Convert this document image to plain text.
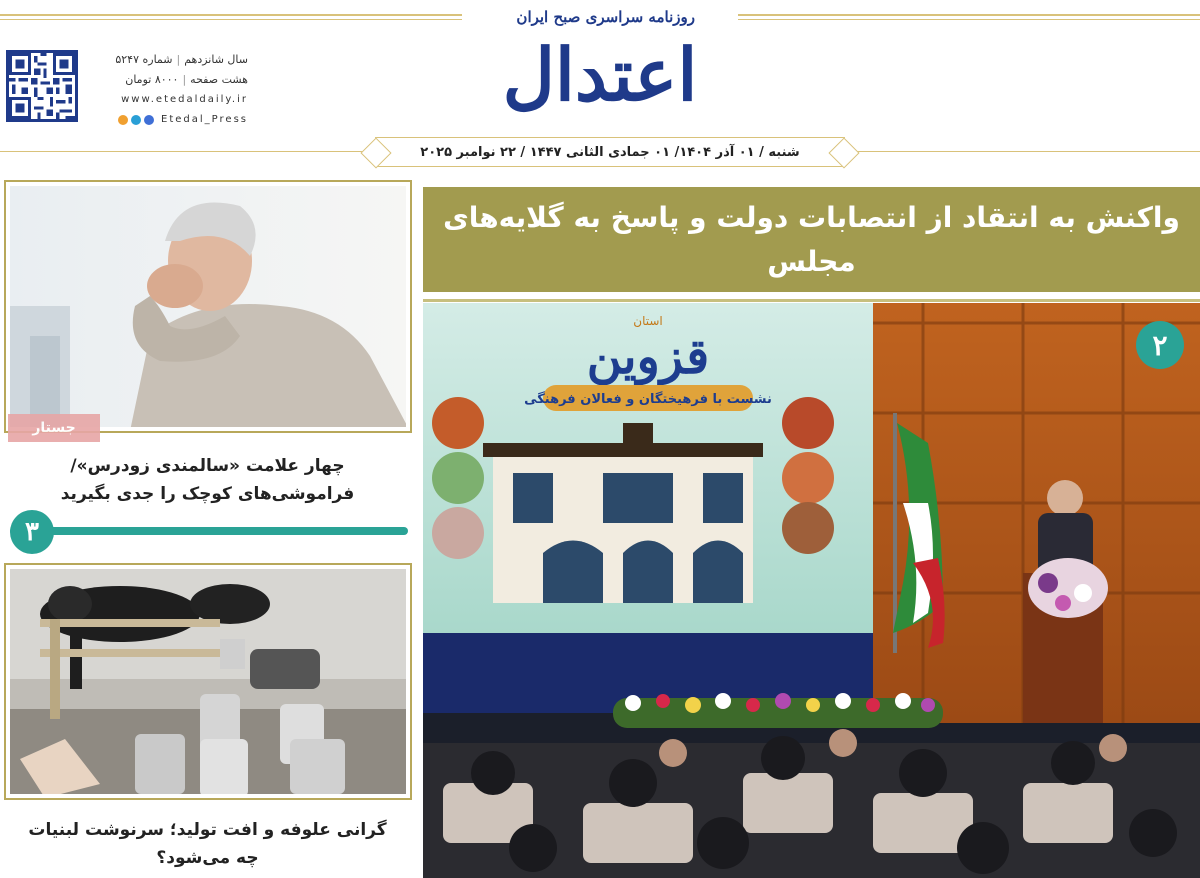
روزنامه سراسری صبح ایران
اعتدال
سال شانزدهم|شماره ۵۲۴۷
هشت صفحه|۸۰۰۰ تومان
www.etedaldaily.ir
Etedal_Press
شنبه / ۰۱ آذر ۱۴۰۴/ ۰۱ جمادی الثانی ۱۴۴۷ / ۲۲ نوامبر ۲۰۲۵
جستار
چهار علامت «سالمندی زودرس»/ فراموشی‌های کوچک را جدی بگیرید
۳
گرانی علوفه و افت تولید؛ سرنوشت لبنیات چه می‌شود؟
واکنش به انتقاد از انتصابات دولت و پاسخ به گلایه‌های مجلس
استان
قزوین
نشست با فرهیختگان و فعالان فرهنگی
۲
